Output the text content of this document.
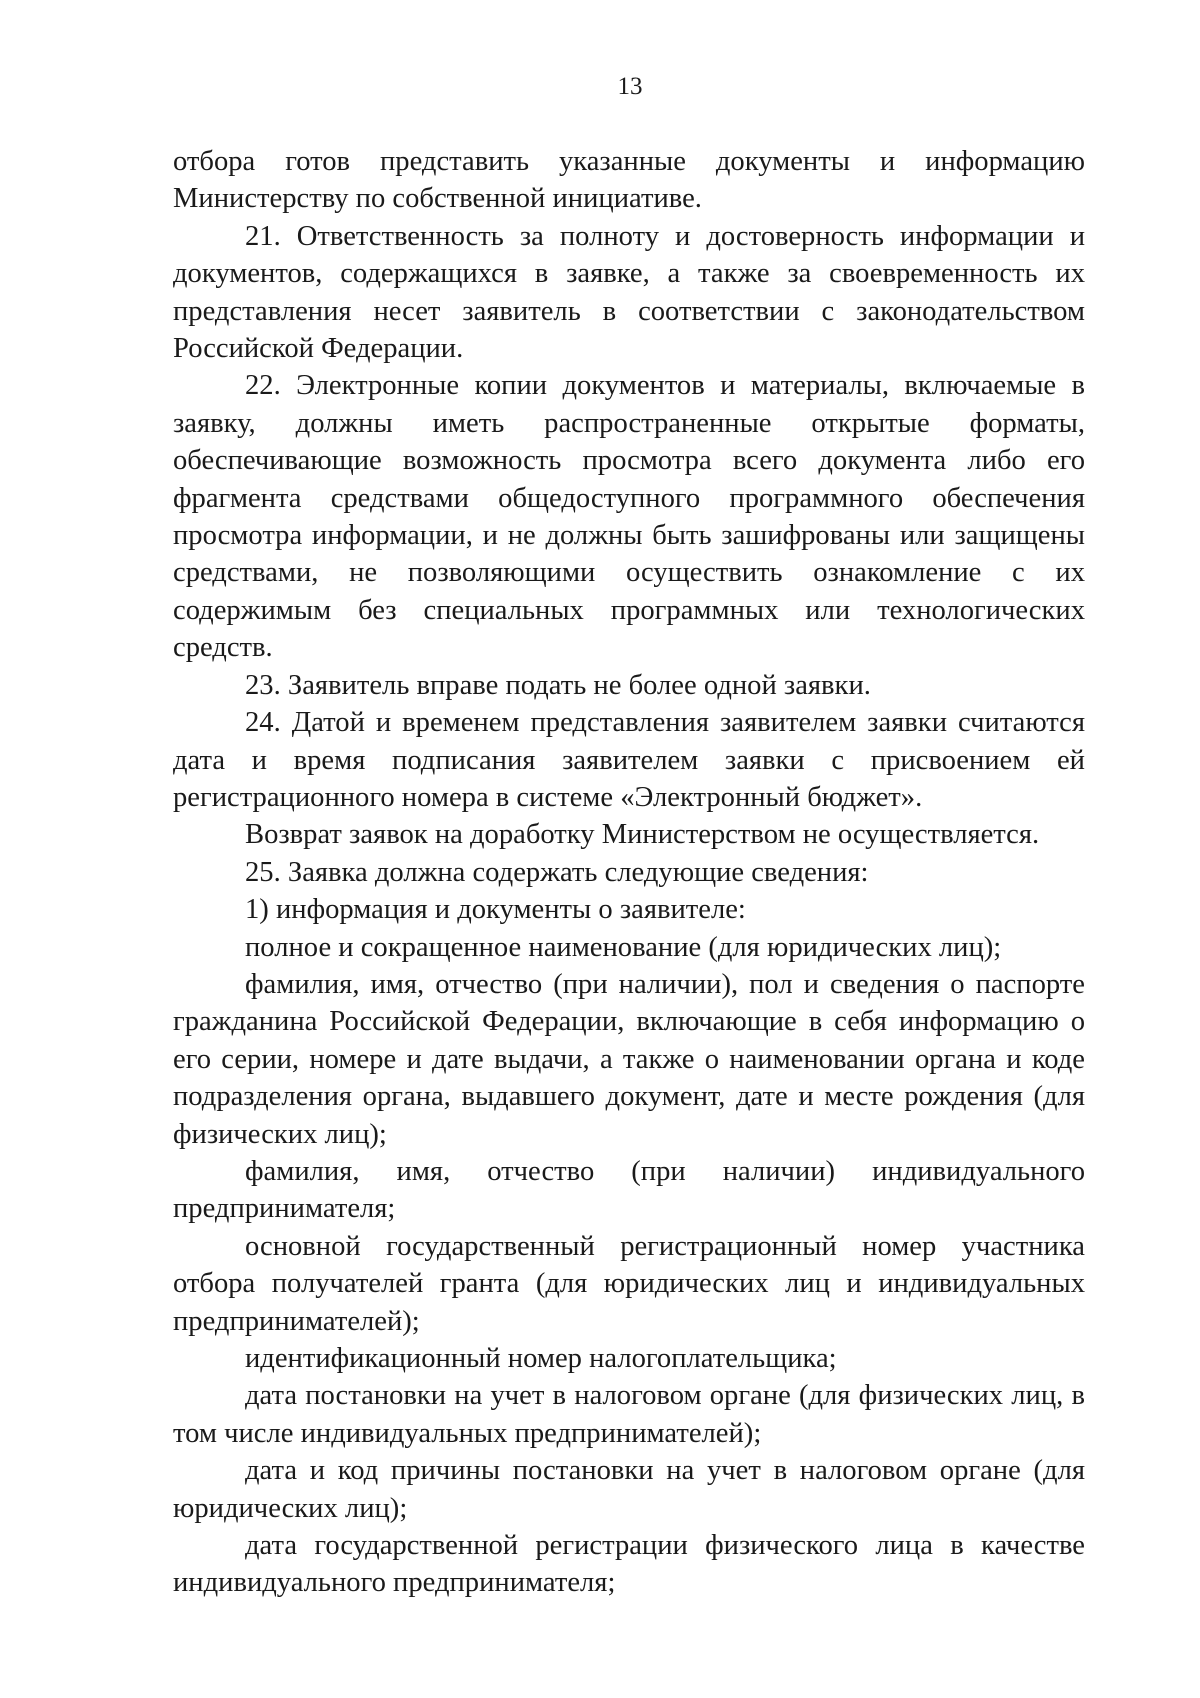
13

отбора готов представить указанные документы и информацию Министерству по собственной инициативе.

21. Ответственность за полноту и достоверность информации и документов, содержащихся в заявке, а также за своевременность их представления несет заявитель в соответствии с законодательством Российской Федерации.

22. Электронные копии документов и материалы, включаемые в заявку, должны иметь распространенные открытые форматы, обеспечивающие возможность просмотра всего документа либо его фрагмента средствами общедоступного программного обеспечения просмотра информации, и не должны быть зашифрованы или защищены средствами, не позволяющими осуществить ознакомление с их содержимым без специальных программных или технологических средств.

23. Заявитель вправе подать не более одной заявки.

24. Датой и временем представления заявителем заявки считаются дата и время подписания заявителем заявки с присвоением ей регистрационного номера в системе «Электронный бюджет».

Возврат заявок на доработку Министерством не осуществляется.

25. Заявка должна содержать следующие сведения:

1) информация и документы о заявителе:

полное и сокращенное наименование (для юридических лиц);

фамилия, имя, отчество (при наличии), пол и сведения о паспорте гражданина Российской Федерации, включающие в себя информацию о его серии, номере и дате выдачи, а также о наименовании органа и коде подразделения органа, выдавшего документ, дате и месте рождения (для физических лиц);

фамилия, имя, отчество (при наличии) индивидуального предпринимателя;

основной государственный регистрационный номер участника отбора получателей гранта (для юридических лиц и индивидуальных предпринимателей);

идентификационный номер налогоплательщика;

дата постановки на учет в налоговом органе (для физических лиц, в том числе индивидуальных предпринимателей);

дата и код причины постановки на учет в налоговом органе (для юридических лиц);

дата государственной регистрации физического лица в качестве индивидуального предпринимателя;
